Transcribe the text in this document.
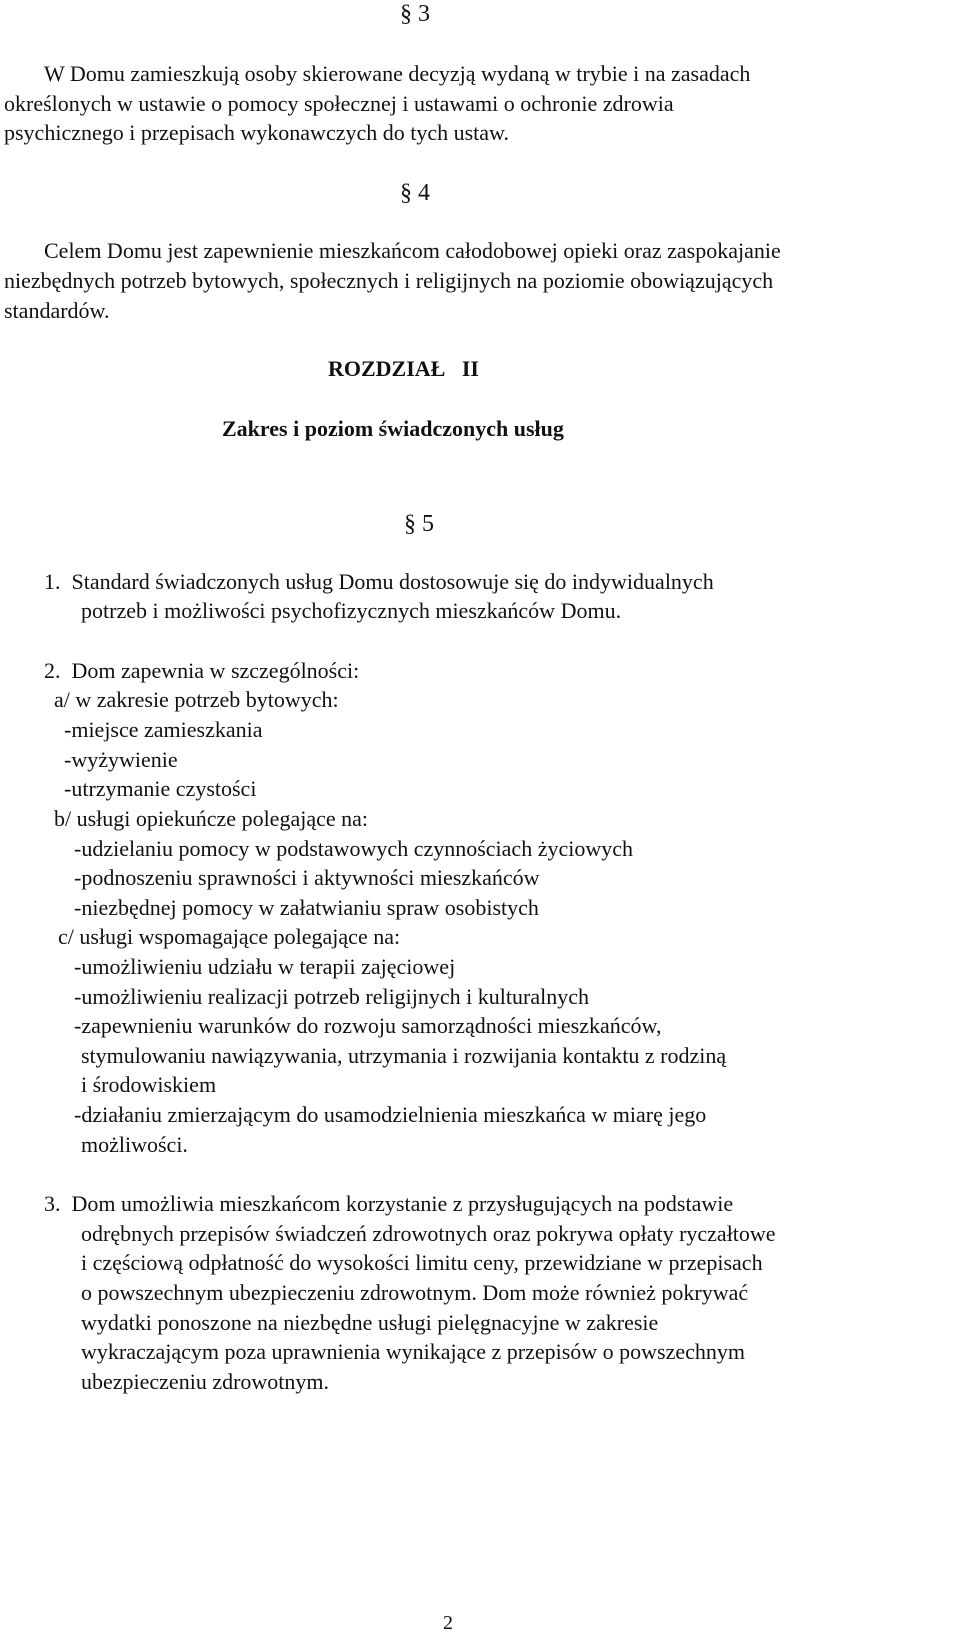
§ 3
W Domu zamieszkują osoby skierowane decyzją wydaną w trybie i na zasadach
określonych w ustawie o pomocy społecznej i ustawami o ochronie zdrowia
psychicznego i przepisach wykonawczych do tych ustaw.
§ 4
Celem Domu jest zapewnienie mieszkańcom całodobowej opieki oraz zaspokajanie
niezbędnych potrzeb bytowych, społecznych i religijnych na poziomie obowiązujących
standardów.
ROZDZIAŁ   II
Zakres i poziom świadczonych usług
§ 5
1.  Standard świadczonych usług Domu dostosowuje się do indywidualnych
potrzeb i możliwości psychofizycznych mieszkańców Domu.
2.  Dom zapewnia w szczególności:
a/ w zakresie potrzeb bytowych:
-miejsce zamieszkania
-wyżywienie
-utrzymanie czystości
b/ usługi opiekuńcze polegające na:
-udzielaniu pomocy w podstawowych czynnościach życiowych
-podnoszeniu sprawności i aktywności mieszkańców
-niezbędnej pomocy w załatwianiu spraw osobistych
c/ usługi wspomagające polegające na:
-umożliwieniu udziału w terapii zajęciowej
-umożliwieniu realizacji potrzeb religijnych i kulturalnych
-zapewnieniu warunków do rozwoju samorządności mieszkańców,
stymulowaniu nawiązywania, utrzymania i rozwijania kontaktu z rodziną
i środowiskiem
-działaniu zmierzającym do usamodzielnienia mieszkańca w miarę jego
możliwości.
3.  Dom umożliwia mieszkańcom korzystanie z przysługujących na podstawie
odrębnych przepisów świadczeń zdrowotnych oraz pokrywa opłaty ryczałtowe
i częściową odpłatność do wysokości limitu ceny, przewidziane w przepisach
o powszechnym ubezpieczeniu zdrowotnym. Dom może również pokrywać
wydatki ponoszone na niezbędne usługi pielęgnacyjne w zakresie
wykraczającym poza uprawnienia wynikające z przepisów o powszechnym
ubezpieczeniu zdrowotnym.
2
